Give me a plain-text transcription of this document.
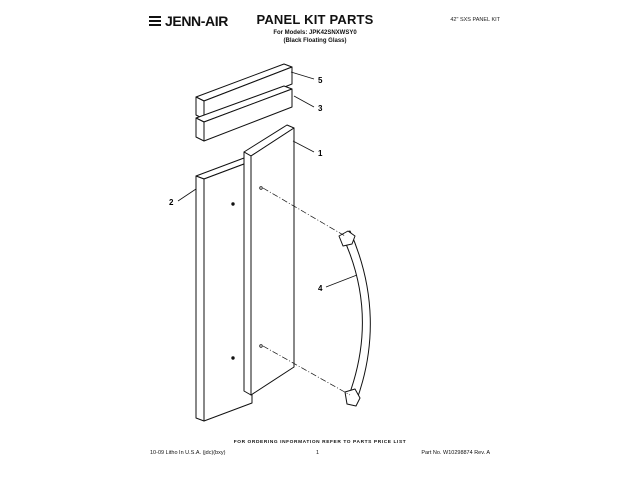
JENN-AIR	PANEL KIT PARTS
For Models: JPK42SNXWSY0
(Black Floating Glass)
42" SXS PANEL KIT
5
3
1
2
4
FOR ORDERING INFORMATION REFER TO PARTS PRICE LIST
10-09 Litho In U.S.A. (jdc)(bxy)	1	Part No. W10298874 Rev. A
